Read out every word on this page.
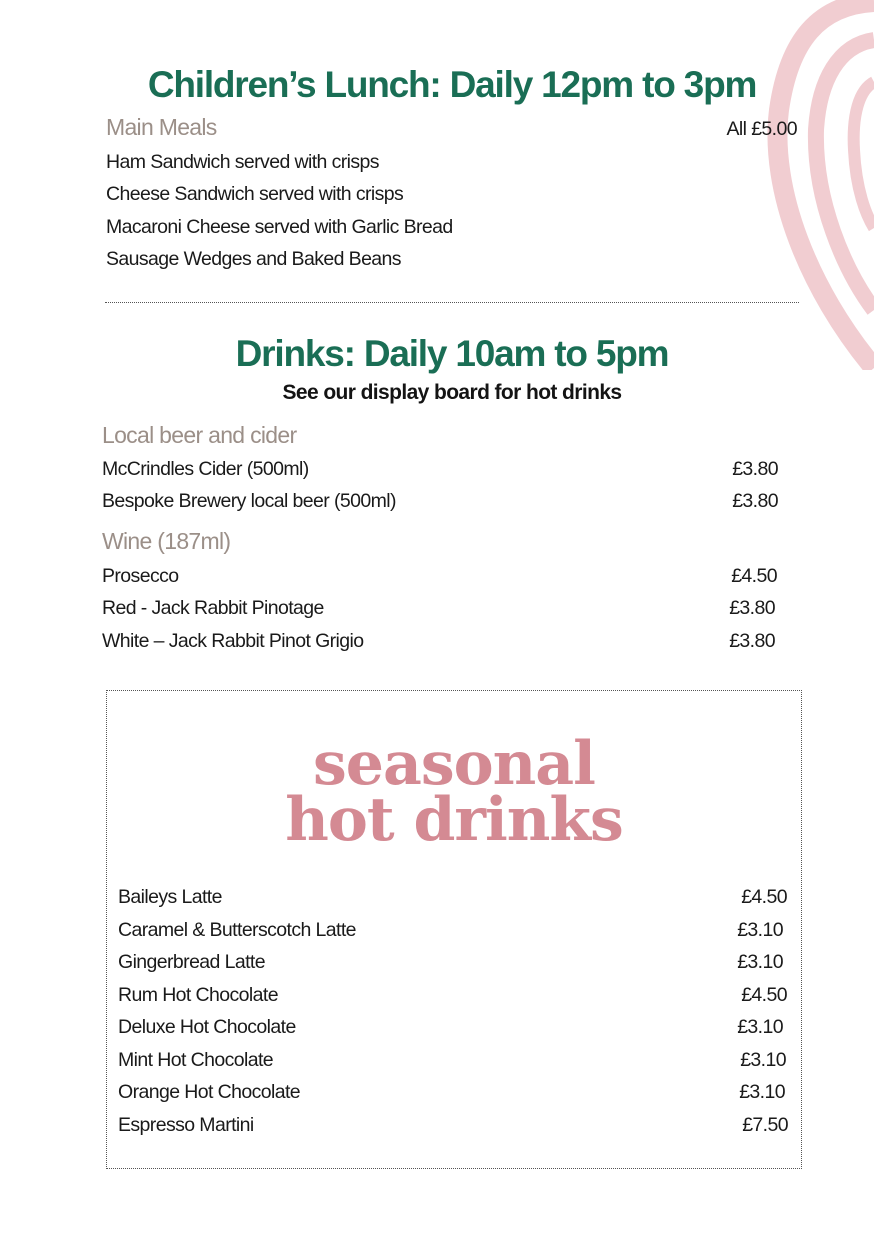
Children’s Lunch: Daily 12pm to 3pm
Main Meals	All £5.00
Ham Sandwich served with crisps
Cheese Sandwich served with crisps
Macaroni Cheese served with Garlic Bread
Sausage Wedges and Baked Beans
Drinks: Daily 10am to 5pm
See our display board for hot drinks
Local beer and cider
McCrindles Cider (500ml)	£3.80
Bespoke Brewery local beer (500ml)	£3.80
Wine (187ml)
Prosecco	£4.50
Red - Jack Rabbit Pinotage	£3.80
White – Jack Rabbit Pinot Grigio	£3.80
seasonal
hot drinks
Baileys Latte	£4.50
Caramel & Butterscotch Latte	£3.10
Gingerbread Latte	£3.10
Rum Hot Chocolate	£4.50
Deluxe Hot Chocolate	£3.10
Mint Hot Chocolate	£3.10
Orange Hot Chocolate	£3.10
Espresso Martini	£7.50
